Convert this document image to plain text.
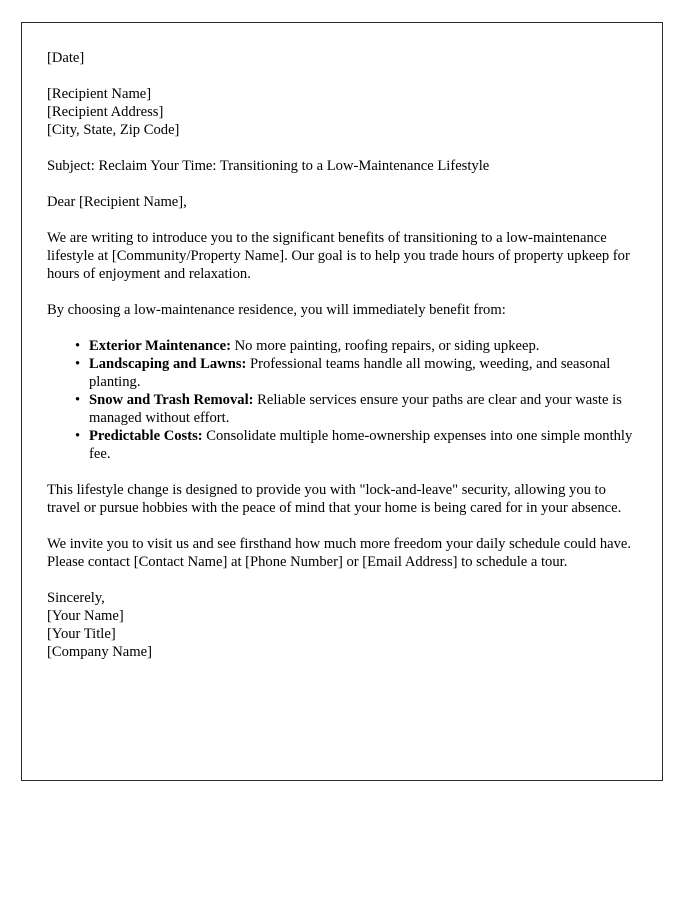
[Date]
[Recipient Name]
[Recipient Address]
[City, State, Zip Code]
Subject: Reclaim Your Time: Transitioning to a Low-Maintenance Lifestyle
Dear [Recipient Name],

We are writing to introduce you to the significant benefits of transitioning to a low-maintenance lifestyle at [Community/Property Name]. Our goal is to help you trade hours of property upkeep for hours of enjoyment and relaxation.

By choosing a low-maintenance residence, you will immediately benefit from:

• Exterior Maintenance: No more painting, roofing repairs, or siding upkeep.
• Landscaping and Lawns: Professional teams handle all mowing, weeding, and seasonal planting.
• Snow and Trash Removal: Reliable services ensure your paths are clear and your waste is managed without effort.
• Predictable Costs: Consolidate multiple home-ownership expenses into one simple monthly fee.

This lifestyle change is designed to provide you with "lock-and-leave" security, allowing you to travel or pursue hobbies with the peace of mind that your home is being cared for in your absence.

We invite you to visit us and see firsthand how much more freedom your daily schedule could have. Please contact [Contact Name] at [Phone Number] or [Email Address] to schedule a tour.

Sincerely,
[Your Name]
[Your Title]
[Company Name]
